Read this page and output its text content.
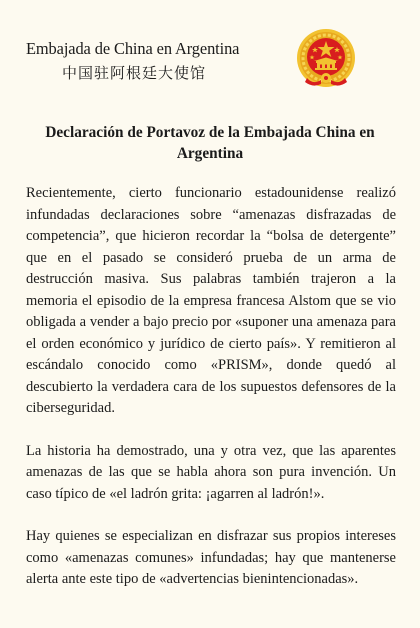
Embajada de China en Argentina
中国驻阿根廷大使馆
Declaración de Portavoz de la Embajada China en Argentina

Recientemente, cierto funcionario estadounidense realizó infundadas declaraciones sobre “amenazas disfrazadas de competencia”, que hicieron recordar la “bolsa de detergente” que en el pasado se consideró prueba de un arma de destrucción masiva. Sus palabras también trajeron a la memoria el episodio de la empresa francesa Alstom que se vio obligada a vender a bajo precio por «suponer una amenaza para el orden económico y jurídico de cierto país». Y remitieron al escándalo conocido como «PRISM», donde quedó al descubierto la verdadera cara de los supuestos defensores de la ciberseguridad.

La historia ha demostrado, una y otra vez, que las aparentes amenazas de las que se habla ahora son pura invención. Un caso típico de «el ladrón grita: ¡agarren al ladrón!».

Hay quienes se especializan en disfrazar sus propios intereses como «amenazas comunes» infundadas; hay que mantenerse alerta ante este tipo de «advertencias bienintencionadas».
